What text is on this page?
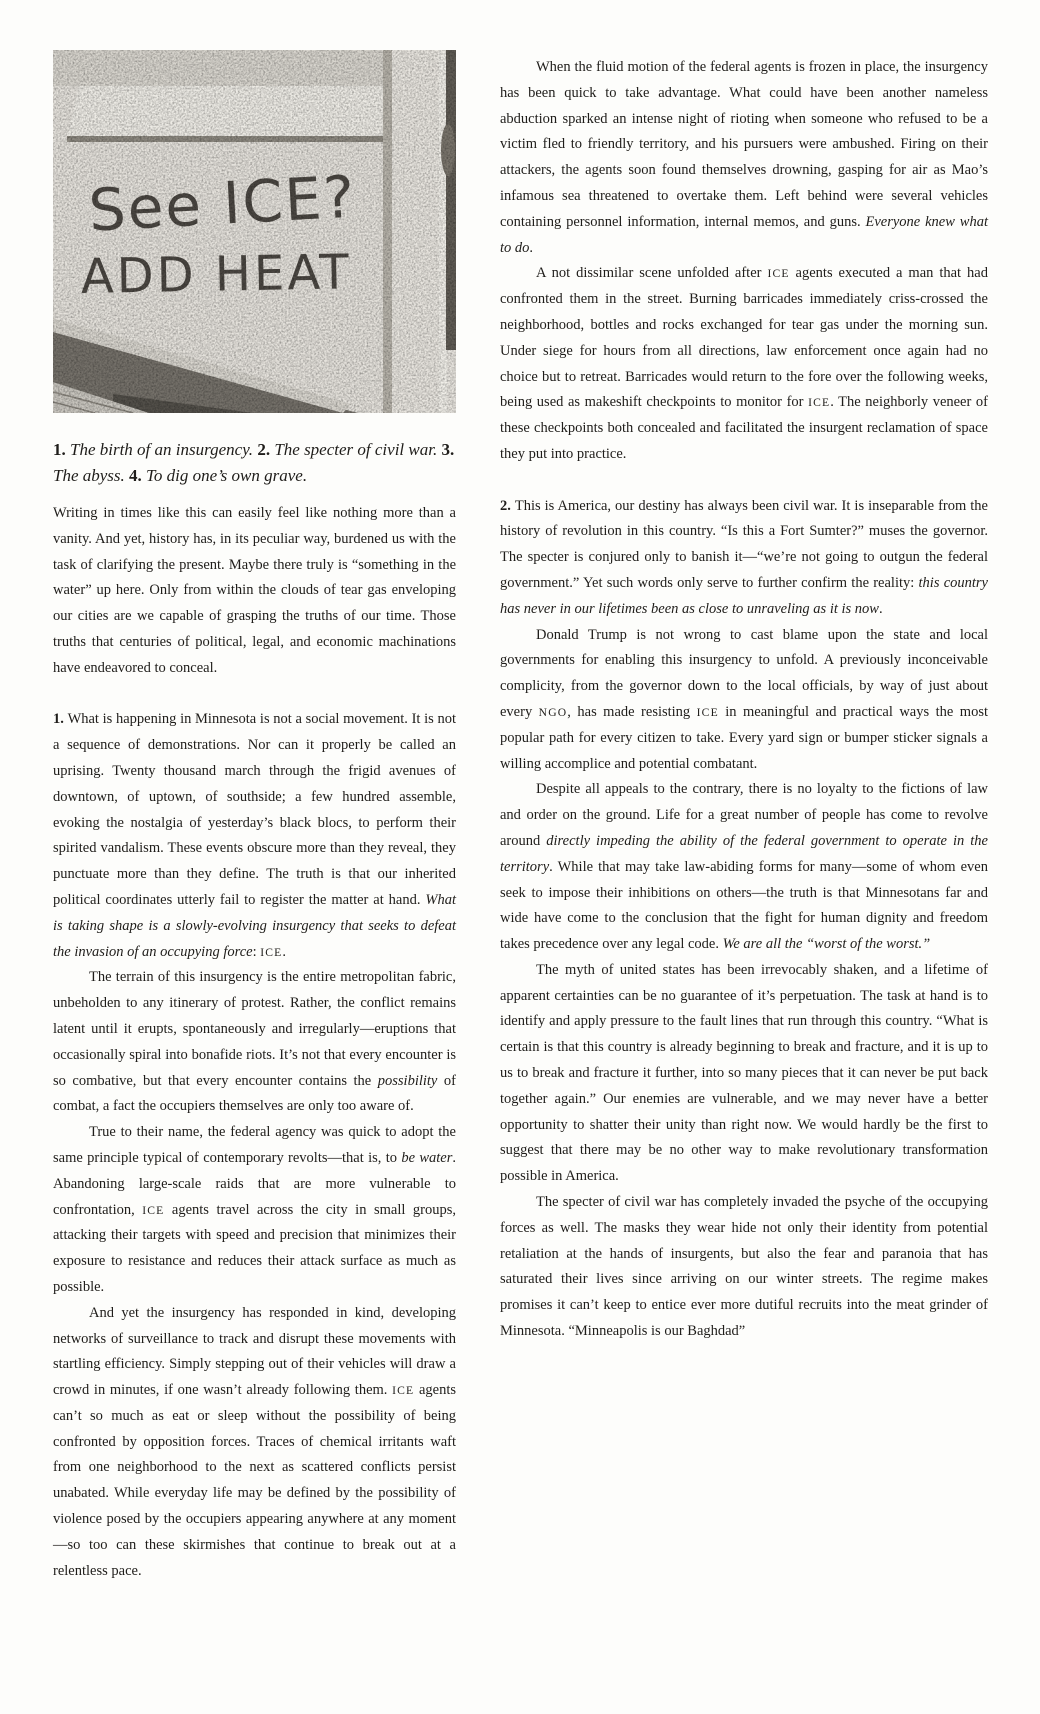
See ICE?
ADD HEAT
1. The birth of an insurgency. 2. The specter of civil war. 3. The abyss. 4. To dig one’s own grave.
Writing in times like this can easily feel like nothing more than a vanity. And yet, history has, in its peculiar way, burdened us with the task of clarifying the present. Maybe there truly is “something in the water” up here. Only from within the clouds of tear gas enveloping our cities are we capable of grasping the truths of our time. Those truths that centuries of political, legal, and economic machinations have endeavored to conceal.
1. What is happening in Minnesota is not a social movement. It is not a sequence of demonstrations. Nor can it properly be called an uprising. Twenty thousand march through the frigid avenues of downtown, of uptown, of southside; a few hundred assemble, evoking the nostalgia of yesterday’s black blocs, to perform their spirited vandalism. These events obscure more than they reveal, they punctuate more than they define. The truth is that our inherited political coordinates utterly fail to register the matter at hand. What is taking shape is a slowly-evolving insurgency that seeks to defeat the invasion of an occupying force: ICE.
The terrain of this insurgency is the entire metropolitan fabric, unbeholden to any itinerary of protest. Rather, the conflict remains latent until it erupts, spontaneously and irregularly—eruptions that occasionally spiral into bonafide riots. It’s not that every encounter is so combative, but that every encounter contains the possibility of combat, a fact the occupiers themselves are only too aware of.
True to their name, the federal agency was quick to adopt the same principle typical of contemporary revolts—that is, to be water. Abandoning large-scale raids that are more vulnerable to confrontation, ICE agents travel across the city in small groups, attacking their targets with speed and precision that minimizes their exposure to resistance and reduces their attack surface as much as possible.
And yet the insurgency has responded in kind, developing networks of surveillance to track and disrupt these movements with startling efficiency. Simply stepping out of their vehicles will draw a crowd in minutes, if one wasn’t already following them. ICE agents can’t so much as eat or sleep without the possibility of being confronted by opposition forces. Traces of chemical irritants waft from one neighborhood to the next as scattered conflicts persist unabated. While everyday life may be defined by the possibility of violence posed by the occupiers appearing anywhere at any moment—so too can these skirmishes that continue to break out at a relentless pace.
When the fluid motion of the federal agents is frozen in place, the insurgency has been quick to take advantage. What could have been another nameless abduction sparked an intense night of rioting when someone who refused to be a victim fled to friendly territory, and his pursuers were ambushed. Firing on their attackers, the agents soon found themselves drowning, gasping for air as Mao’s infamous sea threatened to overtake them. Left behind were several vehicles containing personnel information, internal memos, and guns. Everyone knew what to do.
A not dissimilar scene unfolded after ICE agents executed a man that had confronted them in the street. Burning barricades immediately criss-crossed the neighborhood, bottles and rocks exchanged for tear gas under the morning sun. Under siege for hours from all directions, law enforcement once again had no choice but to retreat. Barricades would return to the fore over the following weeks, being used as makeshift checkpoints to monitor for ICE. The neighborly veneer of these checkpoints both concealed and facilitated the insurgent reclamation of space they put into practice.
2. This is America, our destiny has always been civil war. It is inseparable from the history of revolution in this country. “Is this a Fort Sumter?” muses the governor. The specter is conjured only to banish it—“we’re not going to outgun the federal government.” Yet such words only serve to further confirm the reality: this country has never in our lifetimes been as close to unraveling as it is now.
Donald Trump is not wrong to cast blame upon the state and local governments for enabling this insurgency to unfold. A previously inconceivable complicity, from the governor down to the local officials, by way of just about every NGO, has made resisting ICE in meaningful and practical ways the most popular path for every citizen to take. Every yard sign or bumper sticker signals a willing accomplice and potential combatant.
Despite all appeals to the contrary, there is no loyalty to the fictions of law and order on the ground. Life for a great number of people has come to revolve around directly impeding the ability of the federal government to operate in the territory. While that may take law-abiding forms for many—some of whom even seek to impose their inhibitions on others—the truth is that Minnesotans far and wide have come to the conclusion that the fight for human dignity and freedom takes precedence over any legal code. We are all the “worst of the worst.”
The myth of united states has been irrevocably shaken, and a lifetime of apparent certainties can be no guarantee of it’s perpetuation. The task at hand is to identify and apply pressure to the fault lines that run through this country. “What is certain is that this country is already beginning to break and fracture, and it is up to us to break and fracture it further, into so many pieces that it can never be put back together again.” Our enemies are vulnerable, and we may never have a better opportunity to shatter their unity than right now. We would hardly be the first to suggest that there may be no other way to make revolutionary transformation possible in America.
The specter of civil war has completely invaded the psyche of the occupying forces as well. The masks they wear hide not only their identity from potential retaliation at the hands of insurgents, but also the fear and paranoia that has saturated their lives since arriving on our winter streets. The regime makes promises it can’t keep to entice ever more dutiful recruits into the meat grinder of Minnesota. “Minneapolis is our Baghdad”
